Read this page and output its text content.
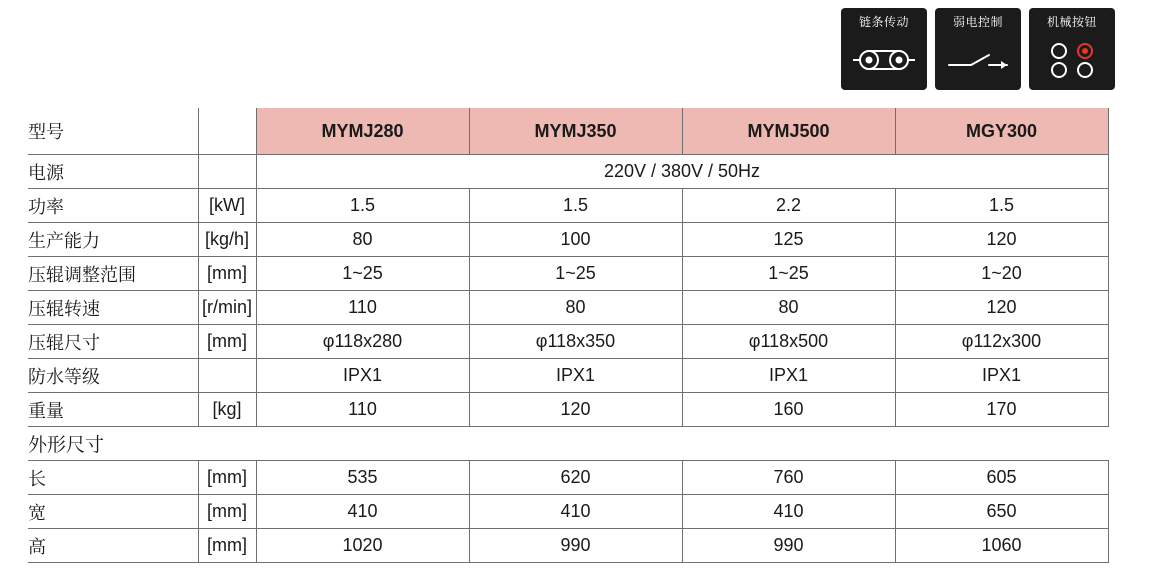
链条传动	弱电控制	机械按钮
型号		MYMJ280	MYMJ350	MYMJ500	MGY300
电源		220V / 380V / 50Hz			
功率	[kW]	1.5	1.5	2.2	1.5
生产能力	[kg/h]	80	100	125	120
压辊调整范围	[mm]	1~25	1~25	1~25	1~20
压辊转速	[r/min]	110	80	80	120
压辊尺寸	[mm]	φ118x280	φ118x350	φ118x500	φ112x300
防水等级		IPX1	IPX1	IPX1	IPX1
重量	[kg]	110	120	160	170
外形尺寸					
长	[mm]	535	620	760	605
宽	[mm]	410	410	410	650
高	[mm]	1020	990	990	1060
